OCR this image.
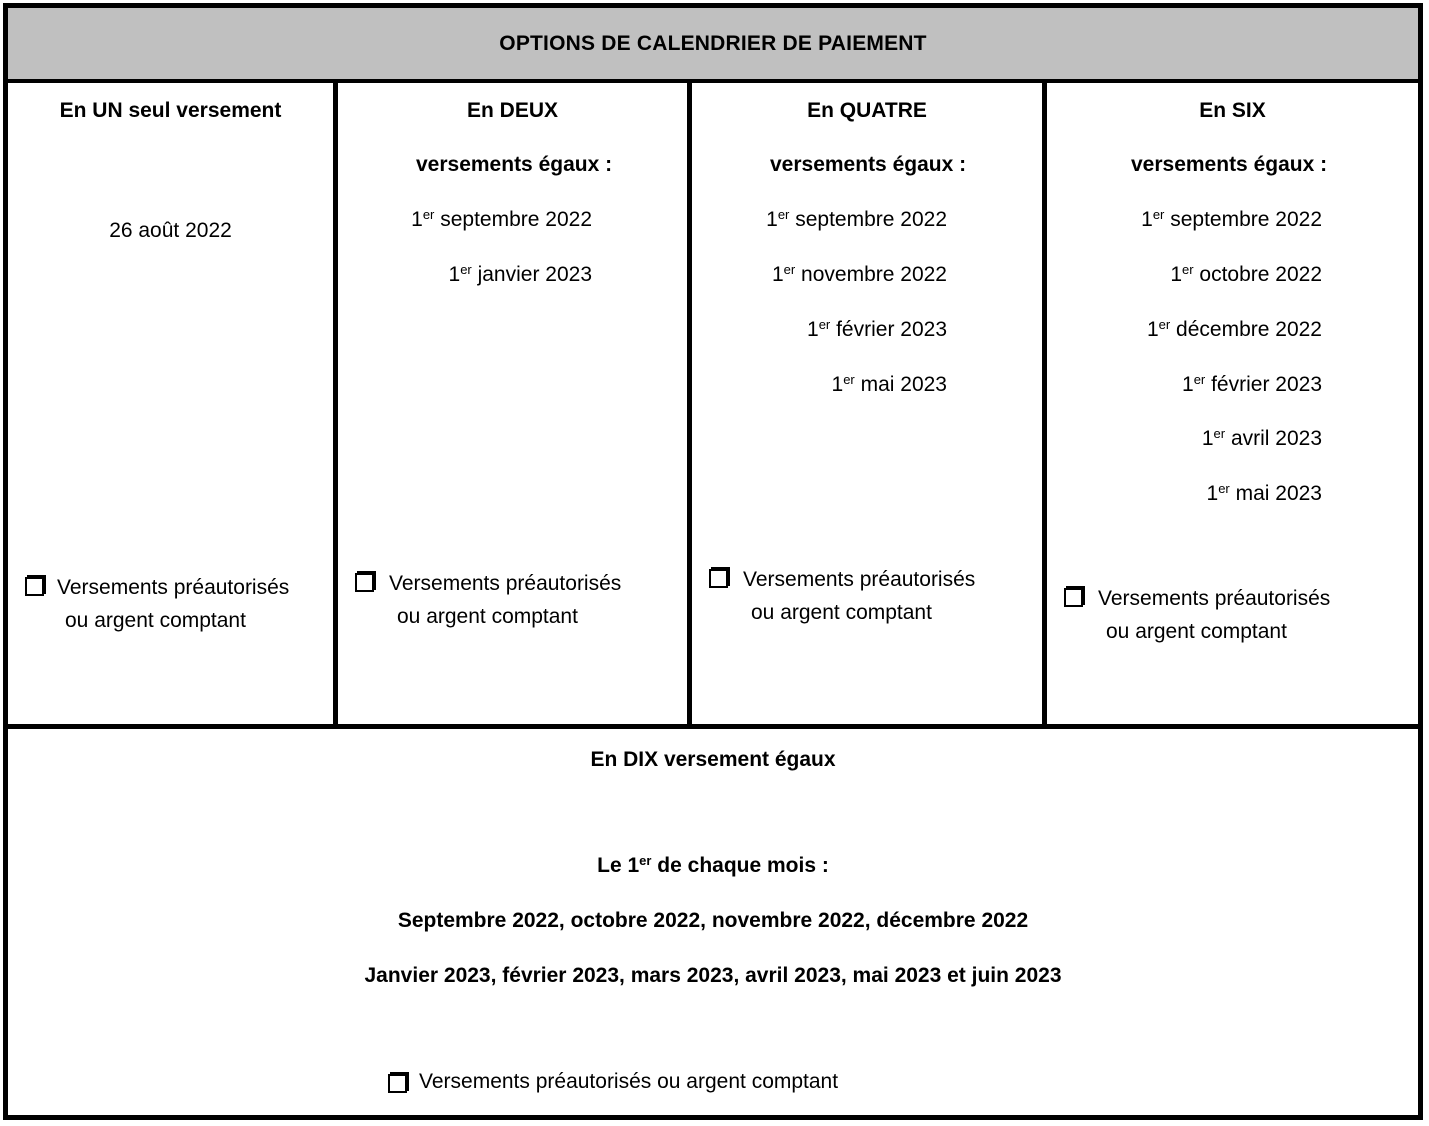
OPTIONS DE CALENDRIER DE PAIEMENT
En UN seul versement
26 août 2022
Versements préautorisés
ou argent comptant
En DEUX
versements égaux :
1er septembre 2022
1er janvier 2023
Versements préautorisés
ou argent comptant
En QUATRE
versements égaux :
1er septembre 2022
1er novembre 2022
1er février 2023
1er mai 2023
Versements préautorisés
ou argent comptant
En SIX
versements égaux :
1er septembre 2022
1er octobre 2022
1er décembre 2022
1er février 2023
1er avril 2023
1er mai 2023
Versements préautorisés
ou argent comptant
En DIX versement égaux
Le 1er de chaque mois :
Septembre 2022, octobre 2022, novembre 2022, décembre 2022
Janvier 2023, février 2023, mars 2023, avril 2023, mai 2023 et juin 2023
Versements préautorisés ou argent comptant
